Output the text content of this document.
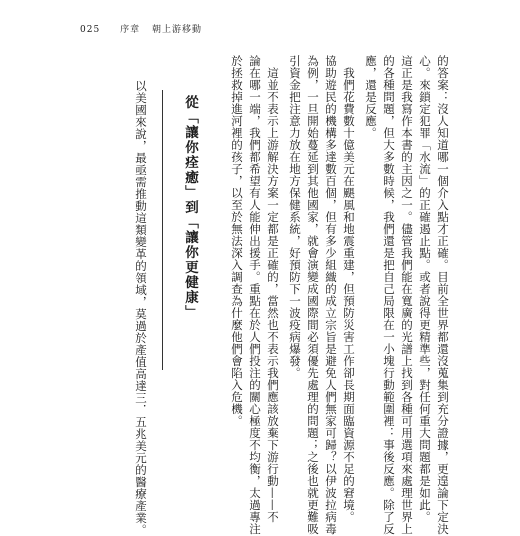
025 序章 朝上游移動
的答案：沒人知道哪一個介入點才正確。目前全世界都還沒蒐集到充分證據，更遑論下定決
心。來鎖定犯罪「水流」的正確遏止點。或者說得更精準些，對任何重大問題都是如此。
這正是我寫作本書的主因之一。儘管我們能在寬廣的光譜上找到各種可用選項來處理世界上
的各種問題，但大多數時候，我們還是把自己局限在一小塊行動範圍裡：事後反應。除了反
應，還是反應。
我們花費數十億美元在颶風和地震重建，但預防災害工作卻長期面臨資源不足的窘境。
協助遊民的機構多達數百個，但有多少組織的成立宗旨是避免人們無家可歸？以伊波拉病毒
為例，一旦開始蔓延到其他國家，就會演變成國際間必須優先處理的問題；之後也就更難吸
引資金把注意力放在地方保健系統，好預防下一波疫病爆發。
這並不表示上游解決方案一定都是正確的，當然也不表示我們應該放棄下游行動——不
論在哪一端，我們都希望有人能伸出援手。重點在於人們投注的關心極度不均衡，太過專注
於拯救掉進河裡的孩子，以至於無法深入調查為什麼他們會陷入危機。
從「讓你痊癒」到「讓你更健康」
以美國來說，最亟需推動這類變革的領域，莫過於產值高達三．五兆美元的醫療產業。
